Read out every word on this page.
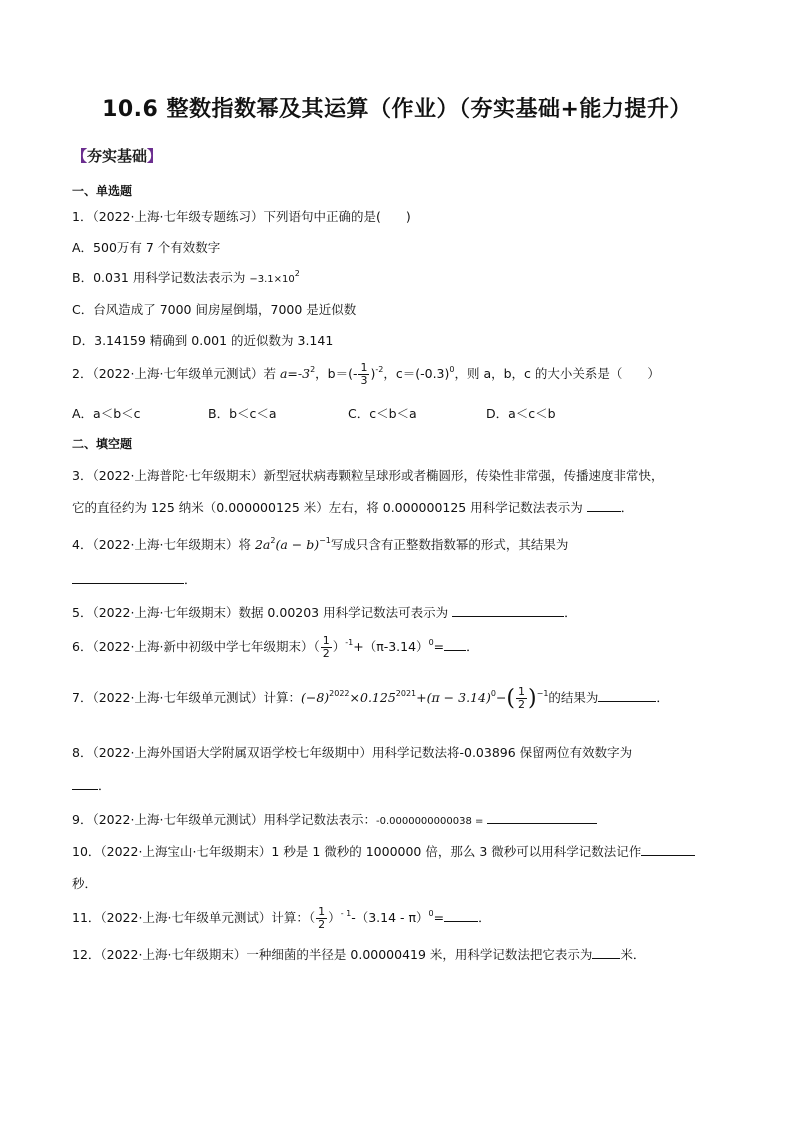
10.6 整数指数幂及其运算（作业）（夯实基础+能力提升）
【夯实基础】
一、单选题
1．（2022·上海·七年级专题练习）下列语句中正确的是(　　)
A．500万有 7 个有效数字
B．0.031 用科学记数法表示为 $-3.1\times 10^2$
C．台风造成了 7000 间房屋倒塌，7000 是近似数
D．3.14159 精确到 0.001 的近似数为 3.141
2．（2022·上海·七年级单元测试）若 $a=-3^2$，$b=(- \frac{1}{3} )^{-2}$，$c=(-0.3)^0$，则 a，b，c 的大小关系是（　　）
A．a＜b＜c	B．b＜c＜a	C．c＜b＜a	D．a＜c＜b
二、填空题
3．（2022·上海普陀·七年级期末）新型冠状病毒颗粒呈球形或者椭圆形，传染性非常强，传播速度非常快，
它的直径约为 125 纳米（0.000000125 米）左右，将 0.000000125 用科学记数法表示为	．
4．（2022·上海·七年级期末）将 $2a^2(a - b)^{-1}$写成只含有正整数指数幂的形式，其结果为
．
5．（2022·上海·七年级期末）数据 0.00203 用科学记数法可表示为	．
6．（2022·上海·新中初级中学七年级期末）（ $\frac{1}{2} )^{-1}+(\pi-3.14)^0=$ ．
7．（2022·上海·七年级单元测试）计算：$(-8)^{2022}\times 0.125^{2021}+(\pi - 3.14)^0-( \frac{1}{2} )^{-1}$的结果为	．
8．（2022·上海外国语大学附属双语学校七年级期中）用科学记数法将-0.03896 保留两位有效数字为
．
9．（2022·上海·七年级单元测试）用科学记数法表示：-0.0000000000038 =
10．（2022·上海宝山·七年级期末）1 秒是 1 微秒的 1000000 倍，那么 3 微秒可以用科学记数法记作
秒．
11．（2022·上海·七年级单元测试）计算：（ $\frac{1}{2} )^{- 1}-(3.14 - \pi)^0=$	．
12．（2022·上海·七年级期末）一种细菌的半径是 0.00000419 米，用科学记数法把它表示为 米．
